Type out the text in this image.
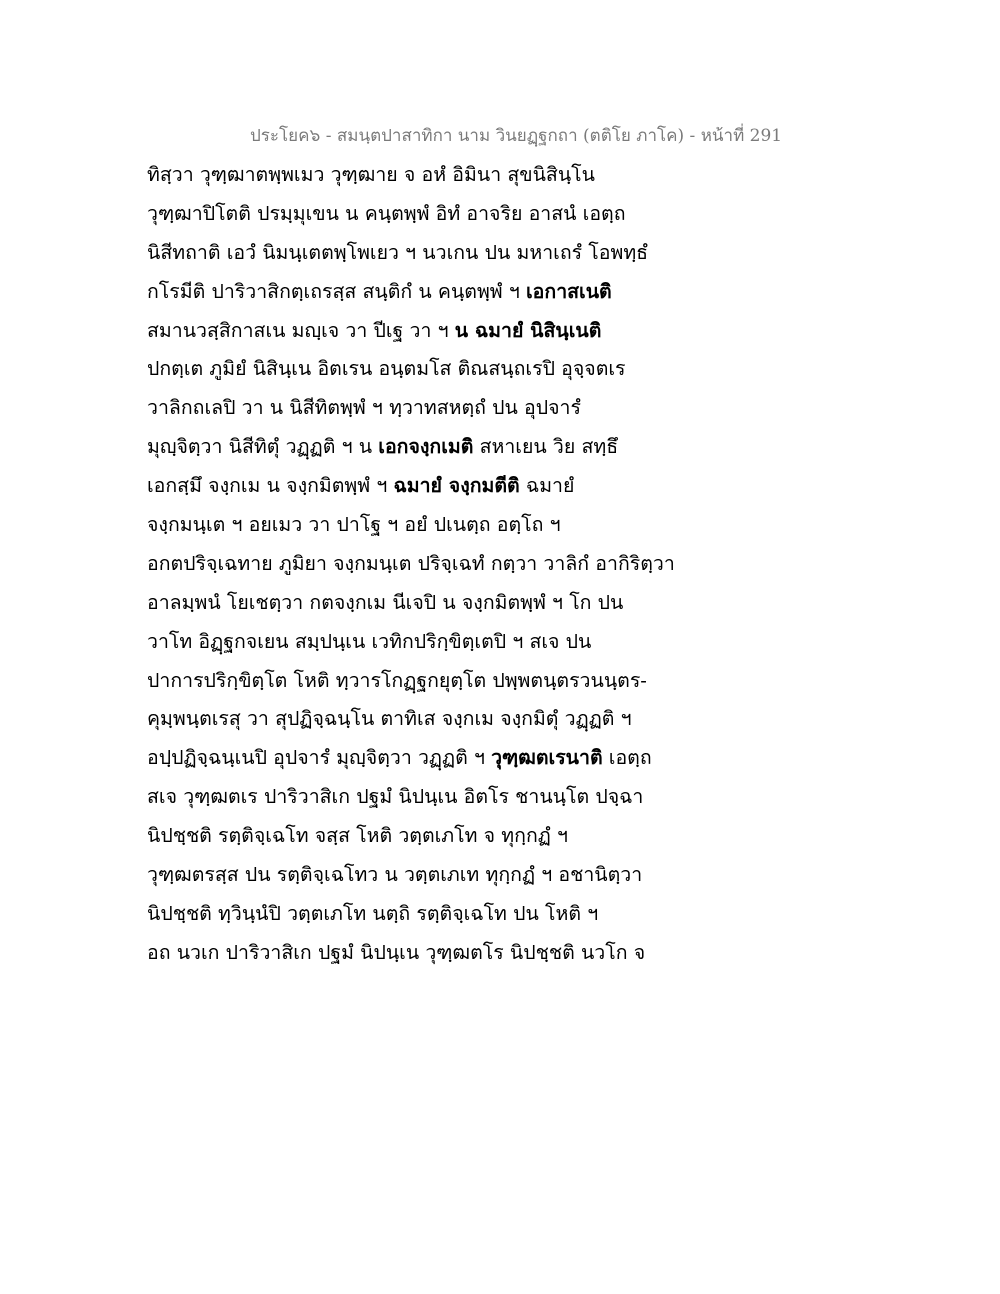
ประโยค๖ - สมนฺตปาสาทิกา นาม วินยฏฺฐกถา (ตติโย ภาโค) - หน้าที่ 291
ทิสฺวา วุฑฺฒาตพฺพเมว วุฑฺฒาย จ อหํ อิมินา สุขนิสินฺโน
วุฑฺฒาปิโตติ ปรมฺมุเขน น คนฺตพฺพํ อิทํ อาจริย อาสนํ เอตฺถ
นิสีทถาติ เอวํ นิมนฺเตตพฺโพเยว ฯ นวเกน ปน มหาเถรํ โอพทฺธํ
กโรมีติ ปาริวาสิกตฺเถรสฺส สนฺติกํ น คนฺตพฺพํ ฯ เอกาสเนติ
สมานวสฺสิกาสเน มญฺเจ วา ปีเฐ วา ฯ น ฉมายํ นิสินฺเนติ
ปกตฺเต ภูมิยํ นิสินฺเน อิตเรน อนฺตมโส ติณสนฺถเรปิ อุจฺจตเร
วาลิกถเลปิ วา น นิสีทิตพฺพํ ฯ ทฺวาทสหตฺถํ ปน อุปจารํ
มุญฺจิตฺวา นิสีทิตุํ วฏฺฏติ ฯ น เอกจงฺกเมติ สหาเยน วิย สทฺธึ
เอกสฺมึ จงฺกเม น จงฺกมิตพฺพํ ฯ ฉมายํ จงฺกมตีติ ฉมายํ
จงฺกมนฺเต ฯ อยเมว วา ปาโฐ ฯ อยํ ปเนตฺถ อตฺโถ ฯ
อกตปริจฺเฉทาย ภูมิยา จงฺกมนฺเต ปริจฺเฉทํ กตฺวา วาลิกํ อากิริตฺวา
อาลมฺพนํ โยเชตฺวา กตจงฺกเม นีเจปิ น จงฺกมิตพฺพํ ฯ โก ปน
วาโท อิฏฺฐกจเยน สมฺปนฺเน เวทิกปริกฺขิตฺเตปิ ฯ สเจ ปน
ปาการปริกฺขิตฺโต โหติ ทฺวารโกฏฺฐกยุตฺโต ปพฺพตนฺตรวนนฺตร-
คุมฺพนฺตเรสุ วา สุปฏิจฺฉนฺโน ตาทิเส จงฺกเม จงฺกมิตุํ วฏฺฏติ ฯ
อปฺปฏิจฺฉนฺเนปิ อุปจารํ มุญฺจิตฺวา วฏฺฏติ ฯ วุฑฺฒตเรนาติ เอตฺถ
สเจ วุฑฺฒตเร ปาริวาสิเก ปฐมํ นิปนฺเน อิตโร ชานนฺโต ปจฺฉา
นิปชฺชติ รตฺติจฺเฉโท จสฺส โหติ วตฺตเภโท จ ทุกฺกฏํ ฯ
วุฑฺฒตรสฺส ปน รตฺติจฺเฉโทว น วตฺตเภเท ทุกฺกฏํ ฯ อชานิตฺวา
นิปชฺชติ ทฺวินฺนํปิ วตฺตเภโท นตฺถิ รตฺติจฺเฉโท ปน โหติ ฯ
อถ นวเก ปาริวาสิเก ปฐมํ นิปนฺเน วุฑฺฒตโร นิปชฺชติ นวโก จ
